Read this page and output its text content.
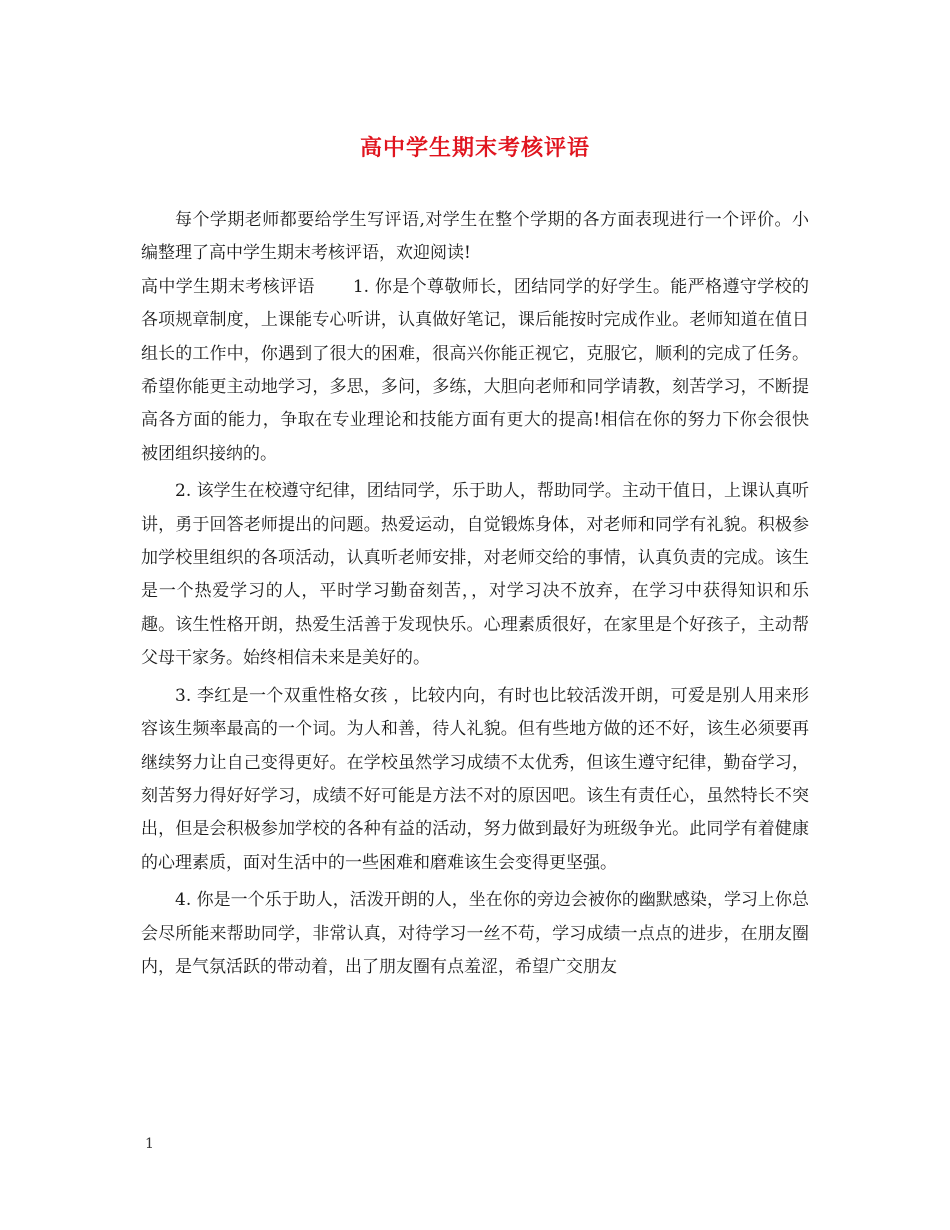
高中学生期末考核评语

每个学期老师都要给学生写评语,对学生在整个学期的各方面表现进行一个评价。小编整理了高中学生期末考核评语，欢迎阅读!

高中学生期末考核评语 1. 你是个尊敬师长，团结同学的好学生。能严格遵守学校的各项规章制度，上课能专心听讲，认真做好笔记，课后能按时完成作业。老师知道在值日组长的工作中，你遇到了很大的困难，很高兴你能正视它，克服它，顺利的完成了任务。希望你能更主动地学习，多思，多问，多练，大胆向老师和同学请教，刻苦学习，不断提高各方面的能力，争取在专业理论和技能方面有更大的提高!相信在你的努力下你会很快被团组织接纳的。

2. 该学生在校遵守纪律，团结同学，乐于助人，帮助同学。主动干值日，上课认真听讲，勇于回答老师提出的问题。热爱运动，自觉锻炼身体，对老师和同学有礼貌。积极参加学校里组织的各项活动，认真听老师安排，对老师交给的事情，认真负责的完成。该生是一个热爱学习的人，平时学习勤奋刻苦，，对学习决不放弃，在学习中获得知识和乐趣。该生性格开朗，热爱生活善于发现快乐。心理素质很好，在家里是个好孩子，主动帮父母干家务。始终相信未来是美好的。

3. 李红是一个双重性格女孩 ，比较内向，有时也比较活泼开朗，可爱是别人用来形容该生频率最高的一个词。为人和善，待人礼貌。但有些地方做的还不好，该生必须要再继续努力让自己变得更好。在学校虽然学习成绩不太优秀，但该生遵守纪律，勤奋学习，刻苦努力得好好学习，成绩不好可能是方法不对的原因吧。该生有责任心，虽然特长不突出，但是会积极参加学校的各种有益的活动，努力做到最好为班级争光。此同学有着健康的心理素质，面对生活中的一些困难和磨难该生会变得更坚强。

4. 你是一个乐于助人，活泼开朗的人，坐在你的旁边会被你的幽默感染，学习上你总会尽所能来帮助同学，非常认真，对待学习一丝不苟，学习成绩一点点的进步，在朋友圈内，是气氛活跃的带动着，出了朋友圈有点羞涩，希望广交朋友

1
